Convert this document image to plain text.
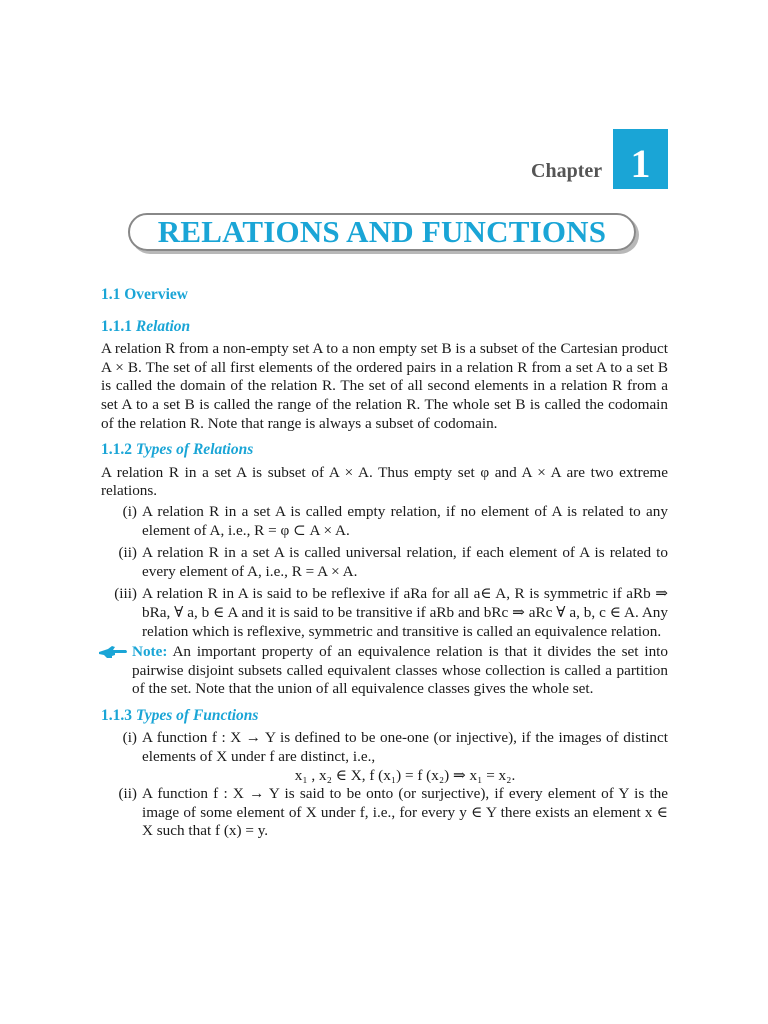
Chapter 1
RELATIONS AND FUNCTIONS
1.1 Overview
1.1.1 Relation

A relation R from a non-empty set A to a non empty set B is a subset of the Cartesian product A × B. The set of all first elements of the ordered pairs in a relation R from a set A to a set B is called the domain of the relation R. The set of all second elements in a relation R from a set A to a set B is called the range of the relation R. The whole set B is called the codomain of the relation R. Note that range is always a subset of codomain.

1.1.2 Types of Relations

A relation R in a set A is subset of A × A. Thus empty set φ and A × A are two extreme relations.

(i) A relation R in a set A is called empty relation, if no element of A is related to any element of A, i.e., R = φ ⊂ A × A.
(ii) A relation R in a set A is called universal relation, if each element of A is related to every element of A, i.e., R = A × A.
(iii) A relation R in A is said to be reflexive if aRa for all a∈ A, R is symmetric if aRb ⇒ bRa, ∀ a, b ∈ A and it is said to be transitive if aRb and bRc ⇒ aRc ∀ a, b, c ∈ A. Any relation which is reflexive, symmetric and transitive is called an equivalence relation.
Note: An important property of an equivalence relation is that it divides the set into pairwise disjoint subsets called equivalent classes whose collection is called a partition of the set. Note that the union of all equivalence classes gives the whole set.
1.1.3 Types of Functions
(i) A function f : X → Y is defined to be one-one (or injective), if the images of distinct elements of X under f are distinct, i.e.,
x₁ , x₂ ∈ X, f (x₁) = f (x₂) ⇒ x₁ = x₂.
(ii) A function f : X → Y is said to be onto (or surjective), if every element of Y is the image of some element of X under f, i.e., for every y ∈ Y there exists an element x ∈ X such that f (x) = y.
